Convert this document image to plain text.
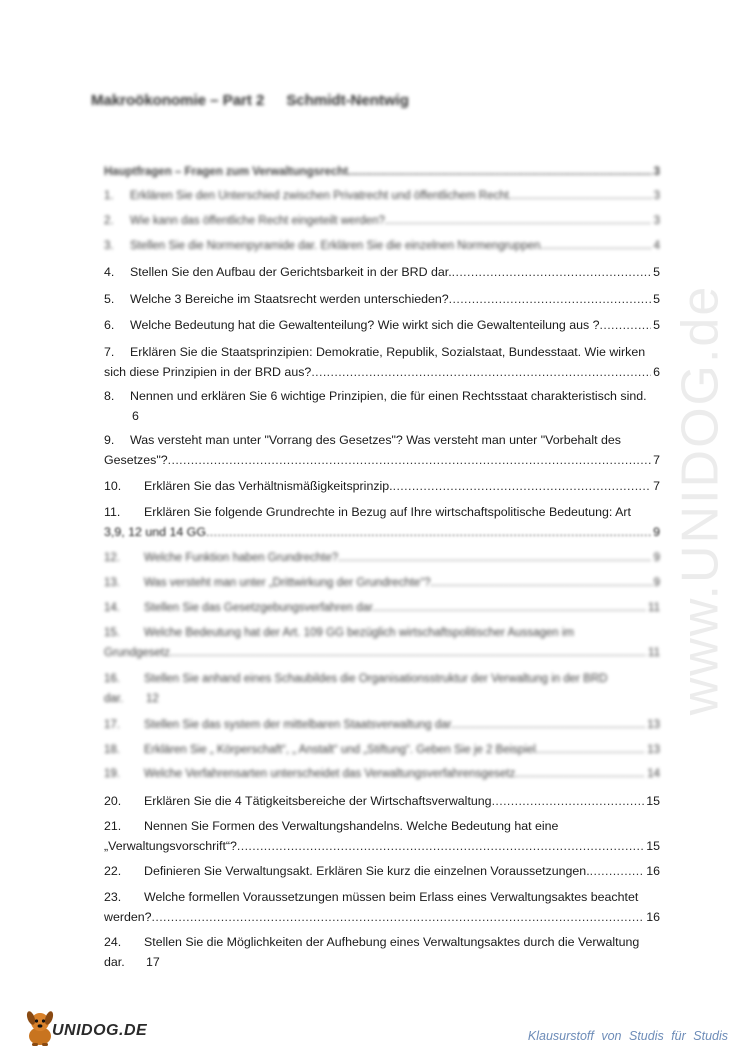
Makroökonomie – Part 2 Schmidt-Nentwig
Hauptfragen – Fragen zum Verwaltungsrecht .....	3
1.	Erklären Sie den Unterschied zwischen Privatrecht und öffentlichem Recht .....	3
2.	Wie kann das öffentliche Recht eingeteilt werden? .....	3
3.	Stellen Sie die Normenpyramide dar. Erklären Sie die einzelnen Normengruppen .....	4
4.	Stellen Sie den Aufbau der Gerichtsbarkeit in der BRD dar. .....	5
5.	Welche 3 Bereiche im Staatsrecht werden unterschieden? .....	5
6.	Welche Bedeutung hat die Gewaltenteilung? Wie wirkt sich die Gewaltenteilung aus ? .....	5
7.	Erklären Sie die Staatsprinzipien: Demokratie, Republik, Sozialstaat, Bundesstaat. Wie wirken
sich diese Prinzipien in der BRD aus? .....	6
8.	Nennen und erklären Sie 6 wichtige Prinzipien, die für einen Rechtsstaat charakteristisch sind.
6
9.	Was versteht man unter "Vorrang des Gesetzes"? Was versteht man unter "Vorbehalt des
Gesetzes"? .....	7
10.	Erklären Sie das Verhältnismäßigkeitsprinzip. .....	7
11.	Erklären Sie folgende Grundrechte in Bezug auf Ihre wirtschaftspolitische Bedeutung: Art
3,9, 12 und 14 GG .....	9
12.	Welche Funktion haben Grundrechte? .....	9
13.	Was versteht man unter „Drittwirkung der Grundrechte“? .....	9
14.	Stellen Sie das Gesetzgebungsverfahren dar .....	11
15.	Welche Bedeutung hat der Art. 109 GG bezüglich wirtschaftspolitischer Aussagen im
Grundgesetz .....	11
16.	Stellen Sie anhand eines Schaubildes die Organisationsstruktur der Verwaltung in der BRD
dar.	12
17.	Stellen Sie das system der mittelbaren Staatsverwaltung dar .....	13
18.	Erklären Sie „ Körperschaft“, „ Anstalt“ und „Stiftung“. Geben Sie je 2 Beispiel .....	13
19.	Welche Verfahrensarten unterscheidet das Verwaltungsverfahrensgesetz .....	14
20.	Erklären Sie die 4 Tätigkeitsbereiche der Wirtschaftsverwaltung .....	15
21.	Nennen Sie Formen des Verwaltungshandelns. Welche Bedeutung hat eine
„Verwaltungsvorschrift“? .....	15
22.	Definieren Sie Verwaltungsakt. Erklären Sie kurz die einzelnen Voraussetzungen. .....	16
23.	Welche formellen Voraussetzungen müssen beim Erlass eines Verwaltungsaktes beachtet
werden? .....	16
24.	Stellen Sie die Möglichkeiten der Aufhebung eines Verwaltungsaktes durch die Verwaltung
dar.	17
www.UNIDOG.de
UNIDOG.DE	Klausurstoff von Studis für Studis
